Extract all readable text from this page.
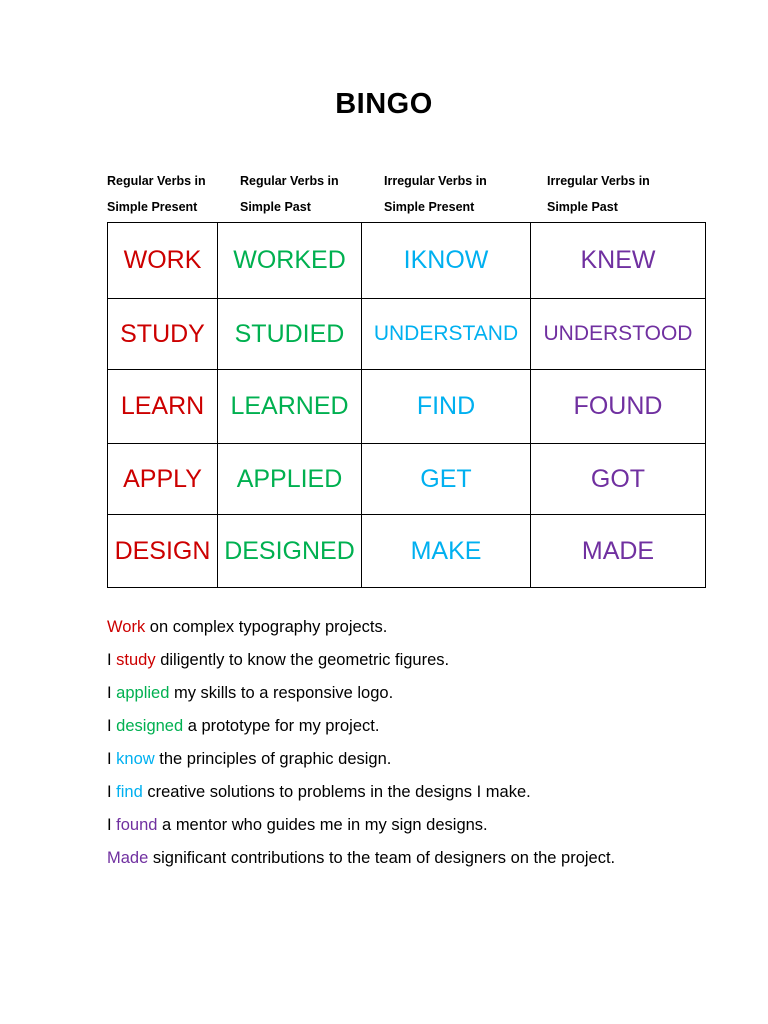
BINGO
Regular Verbs in
Simple Present
Regular Verbs in
Simple Past
Irregular Verbs in
Simple Present
Irregular Verbs in
Simple Past
WORK	WORKED	IKNOW	KNEW
STUDY	STUDIED	UNDERSTAND	UNDERSTOOD
LEARN	LEARNED	FIND	FOUND
APPLY	APPLIED	GET	GOT
DESIGN	DESIGNED	MAKE	MADE
Work on complex typography projects.
I study diligently to know the geometric figures.
I applied my skills to a responsive logo.
I designed a prototype for my project.
I know the principles of graphic design.
I find creative solutions to problems in the designs I make.
I found a mentor who guides me in my sign designs.
Made significant contributions to the team of designers on the project.
